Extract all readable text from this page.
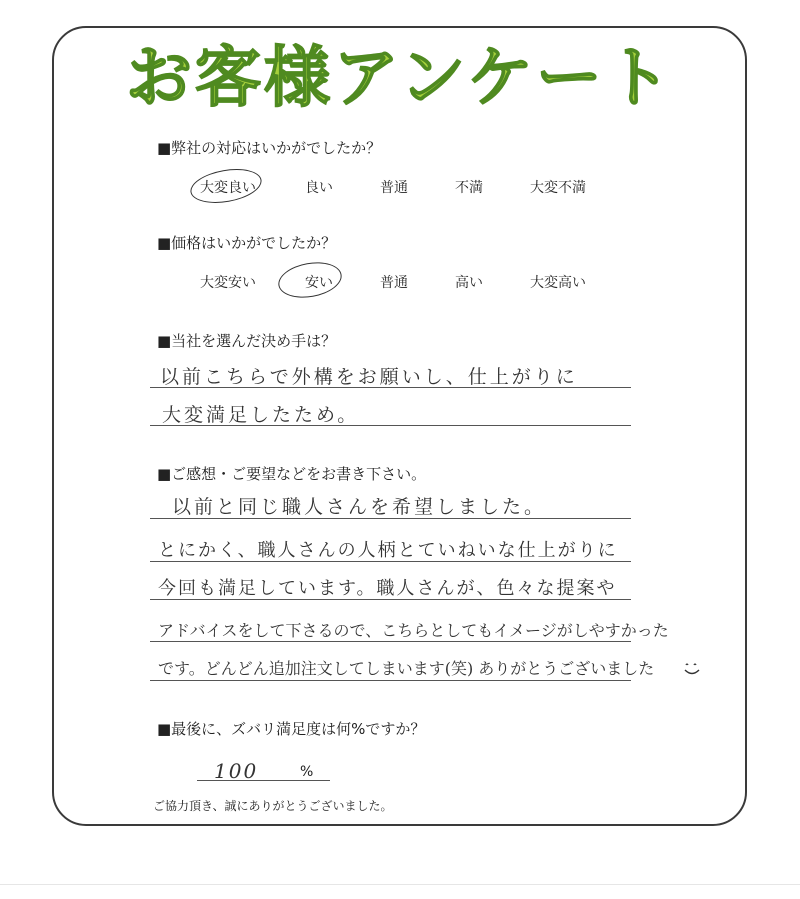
お客様アンケート
■弊社の対応はいかがでしたか？
大変良い	良い	普通	不満	大変不満
■価格はいかがでしたか？
大変安い	安い	普通	高い	大変高い
■当社を選んだ決め手は？
以前こちらで外構をお願いし、仕上がりに
大変満足したため。
■ご感想・ご要望などをお書き下さい。
以前と同じ職人さんを希望しました。
とにかく、職人さんの人柄とていねいな仕上がりに
今回も満足しています。職人さんが、色々な提案や
アドバイスをして下さるので、こちらとしてもイメージがしやすかった
です。どんどん追加注文してしまいます(笑) ありがとうございました
■最後に、ズバリ満足度は何%ですか？
100	%
ご協力頂き、誠にありがとうございました。
